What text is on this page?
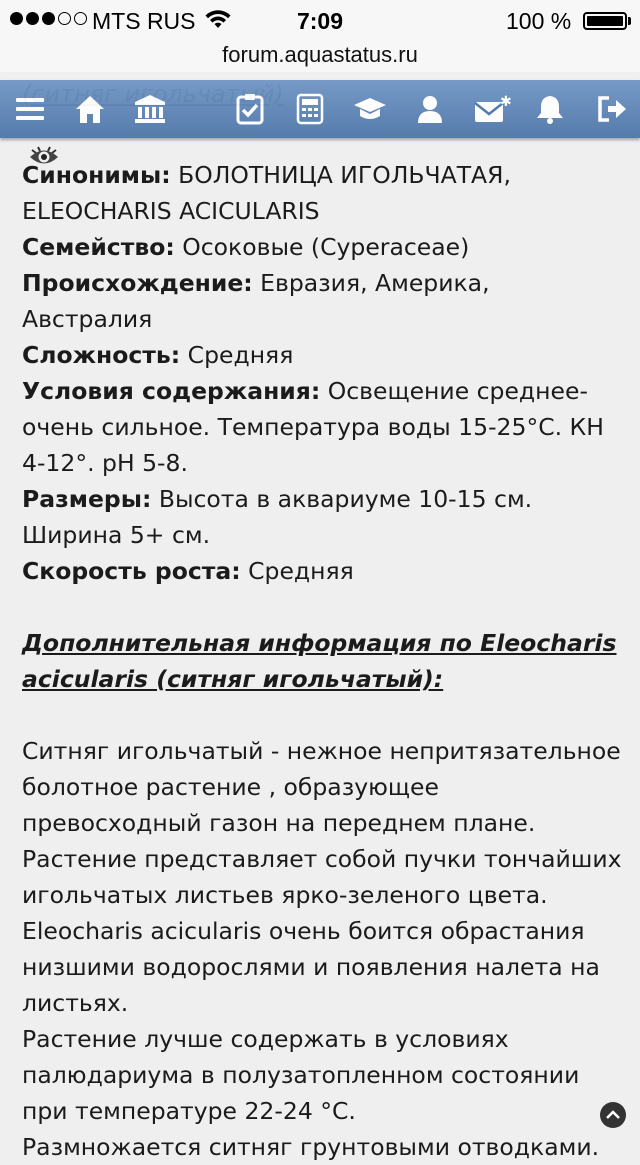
MTS RUS	7:09	100 %
forum.aquastatus.ru
✱

Синонимы: БОЛОТНИЦА ИГОЛЬЧАТАЯ, ELEOCHARIS ACICULARIS

Семейство: Осоковые (Cyperaceae)

Происхождение: Евразия, Америка, Австралия

Сложность: Средняя

Условия содержания: Освещение среднее-очень сильное. Температура воды 15-25°С. КН 4-12°. pH 5-8.

Размеры: Высота в аквариуме 10-15 см. Ширина 5+ см.

Скорость роста: Средняя

Дополнительная информация по Eleocharis acicularis (ситняг игольчатый):

Ситняг игольчатый - нежное непритязательное болотное растение , образующее превосходный газон на переднем плане. Растение представляет собой пучки тончайших игольчатых листьев ярко-зеленого цвета. Eleocharis acicularis очень боится обрастания низшими водорослями и появления налета на листьях.

Растение лучше содержать в условиях палюдариума в полузатопленном состоянии при температуре 22-24 °С.

Размножается ситняг грунтовыми отводками.
